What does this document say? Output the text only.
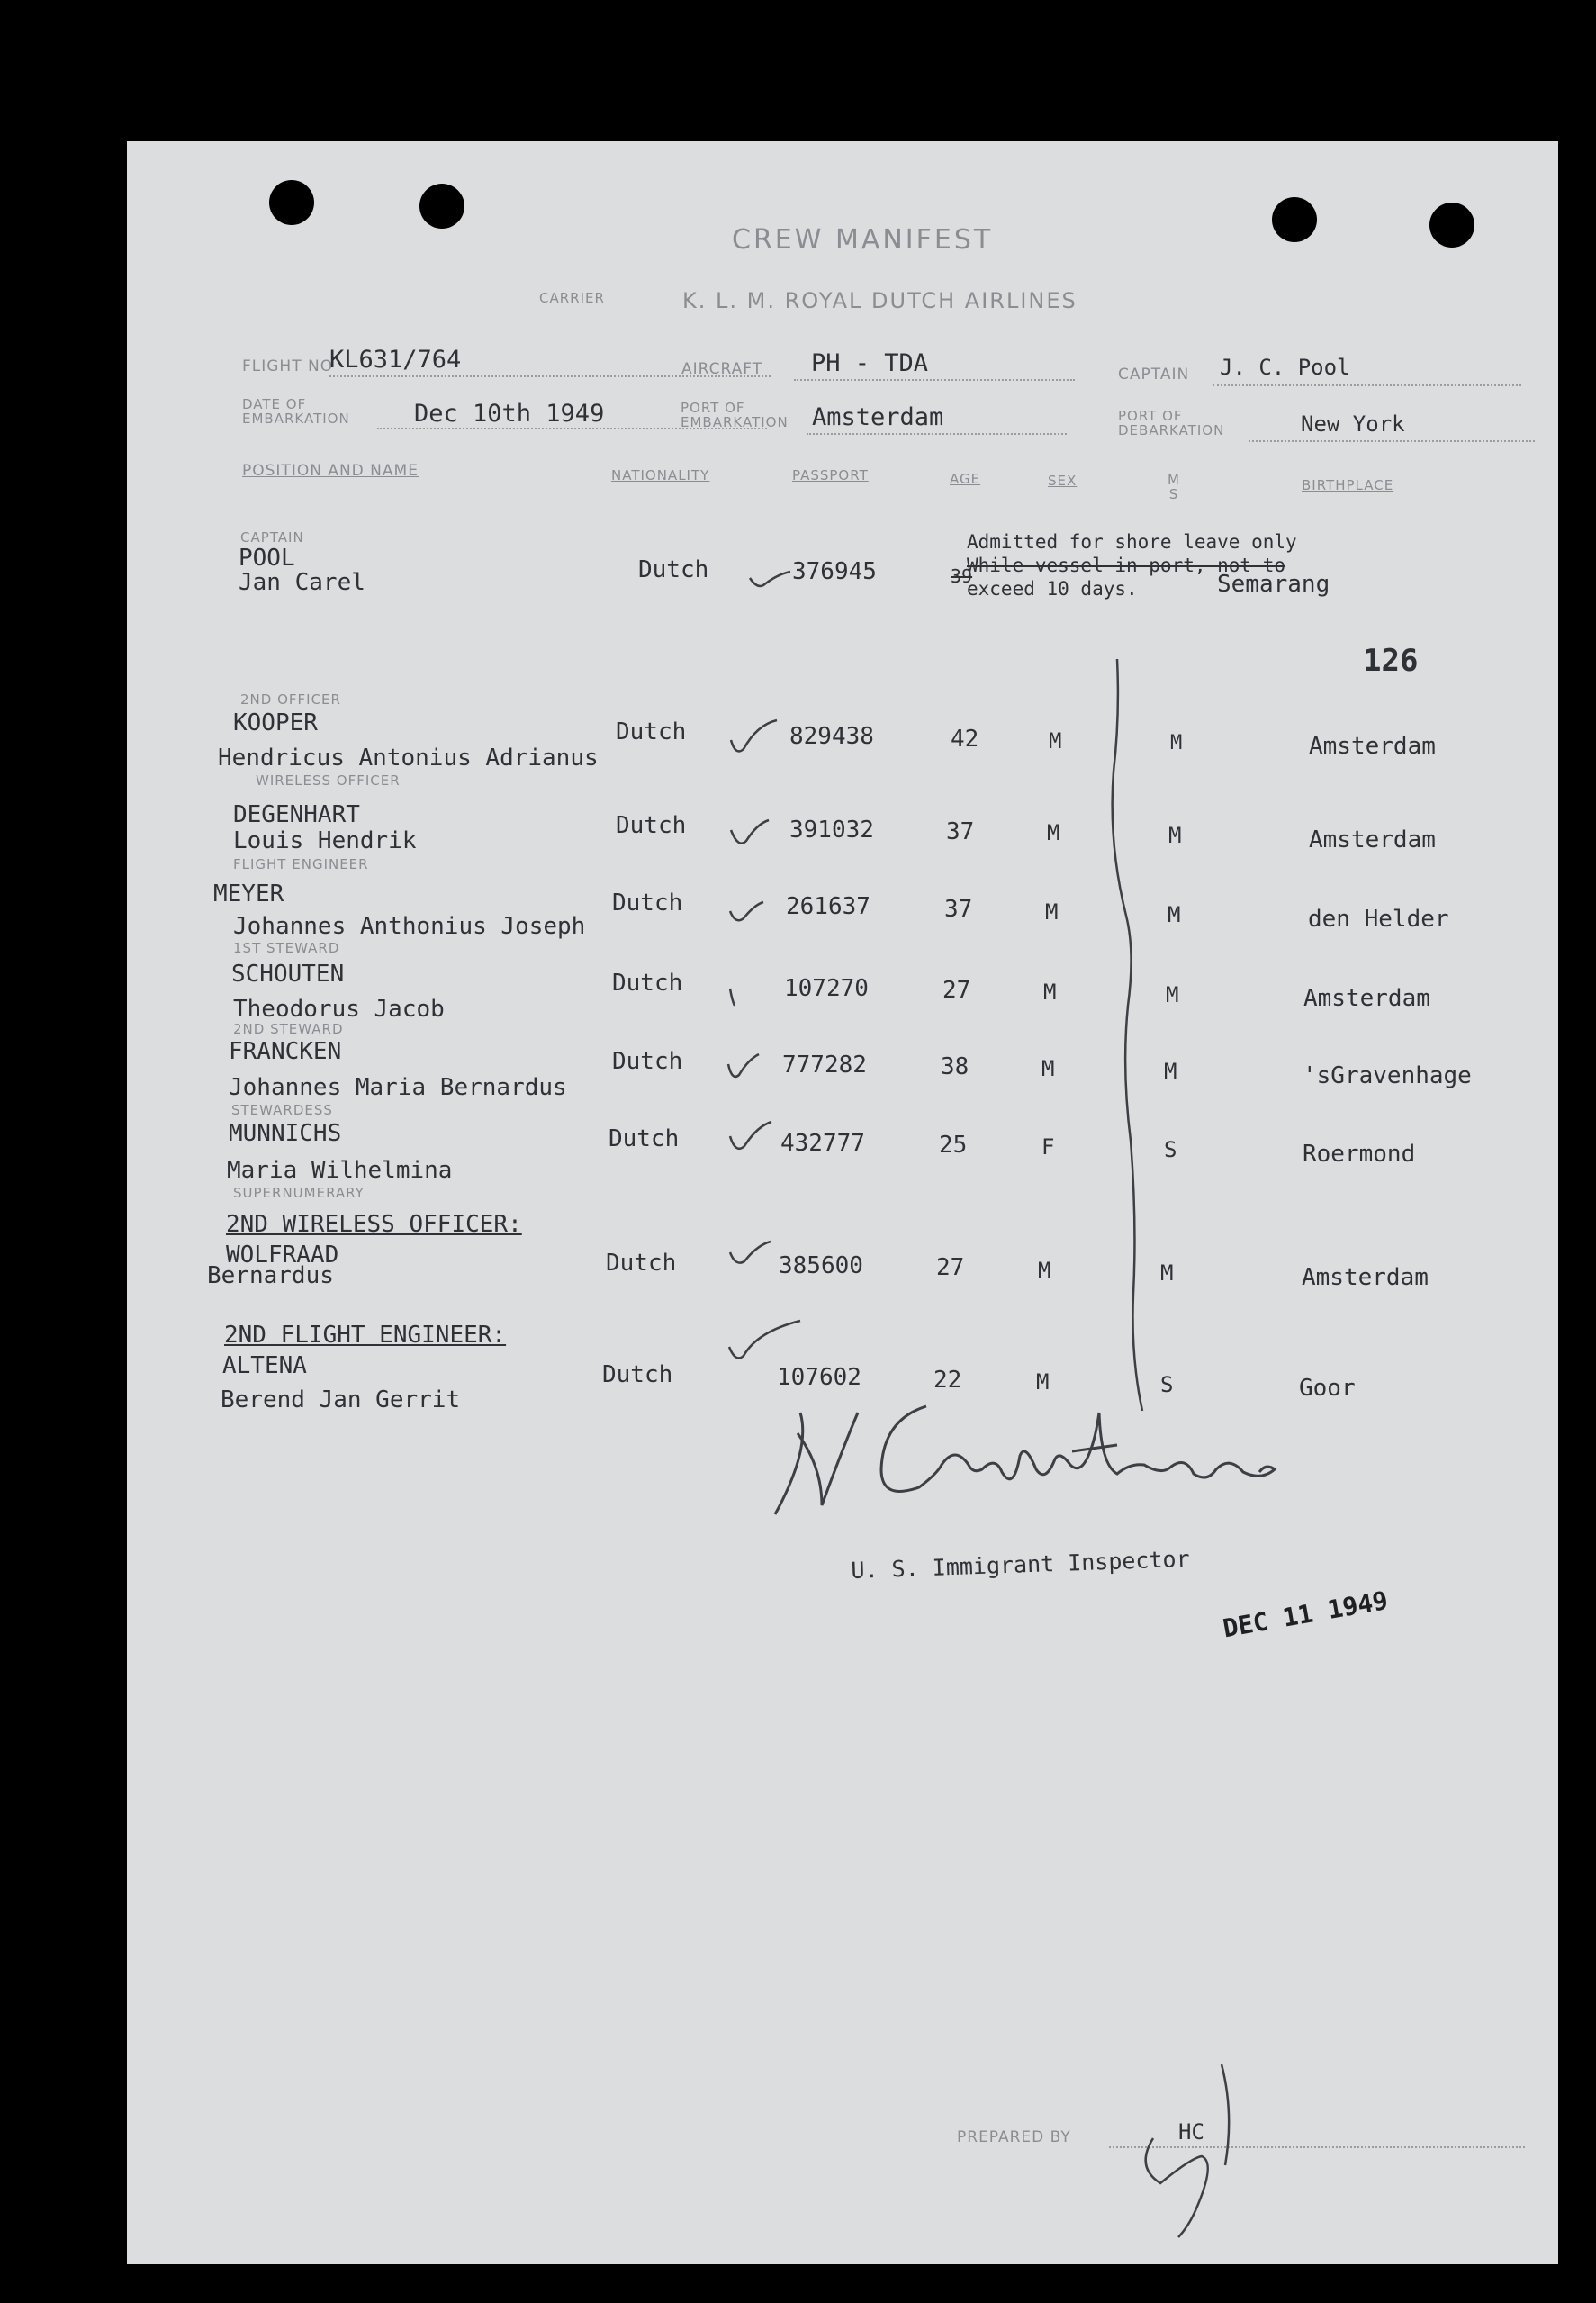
CREW MANIFEST
CARRIER	K. L. M. ROYAL DUTCH AIRLINES
FLIGHT NO
KL631/764	AIRCRAFT PH - TDA	CAPTAIN J. C. Pool
DATE OF
EMBARKATION	Dec 10th 1949	PORT OF
EMBARKATION Amsterdam	PORT OF
DEBARKATION	New York
POSITION AND NAME	NATIONALITY	PASSPORT	AGE	SEX	M
S
BIRTHPLACE
CAPTAIN
POOL
Jan Carel	Dutch	376945	39	Semarang
Admitted for shore leave only
While vessel in port, not to
exceed 10 days.
126
2ND OFFICER
KOOPER
Hendricus Antonius Adrianus
Dutch	829438	42	M	M	Amsterdam
WIRELESS OFFICER
DEGENHART
Louis Hendrik
Dutch	391032	37	M	M	Amsterdam
FLIGHT ENGINEER
MEYER
Johannes Anthonius Joseph
Dutch	261637	37	M	M	den Helder
1ST STEWARD
SCHOUTEN
Theodorus Jacob
Dutch	107270	27	M	M	Amsterdam
2ND STEWARD
FRANCKEN
Johannes Maria Bernardus
Dutch	777282	38	M	M	'sGravenhage
STEWARDESS
MUNNICHS
Maria Wilhelmina
Dutch	432777	25	F	S	Roermond
SUPERNUMERARY
2ND WIRELESS OFFICER:
WOLFRAAD
Bernardus	Dutch	385600	27	M	M	Amsterdam
2ND FLIGHT ENGINEER:
ALTENA
Berend Jan Gerrit
Dutch	107602	22	M	S	Goor
U. S. Immigrant Inspector
DEC 11 1949
PREPARED BY	HC
